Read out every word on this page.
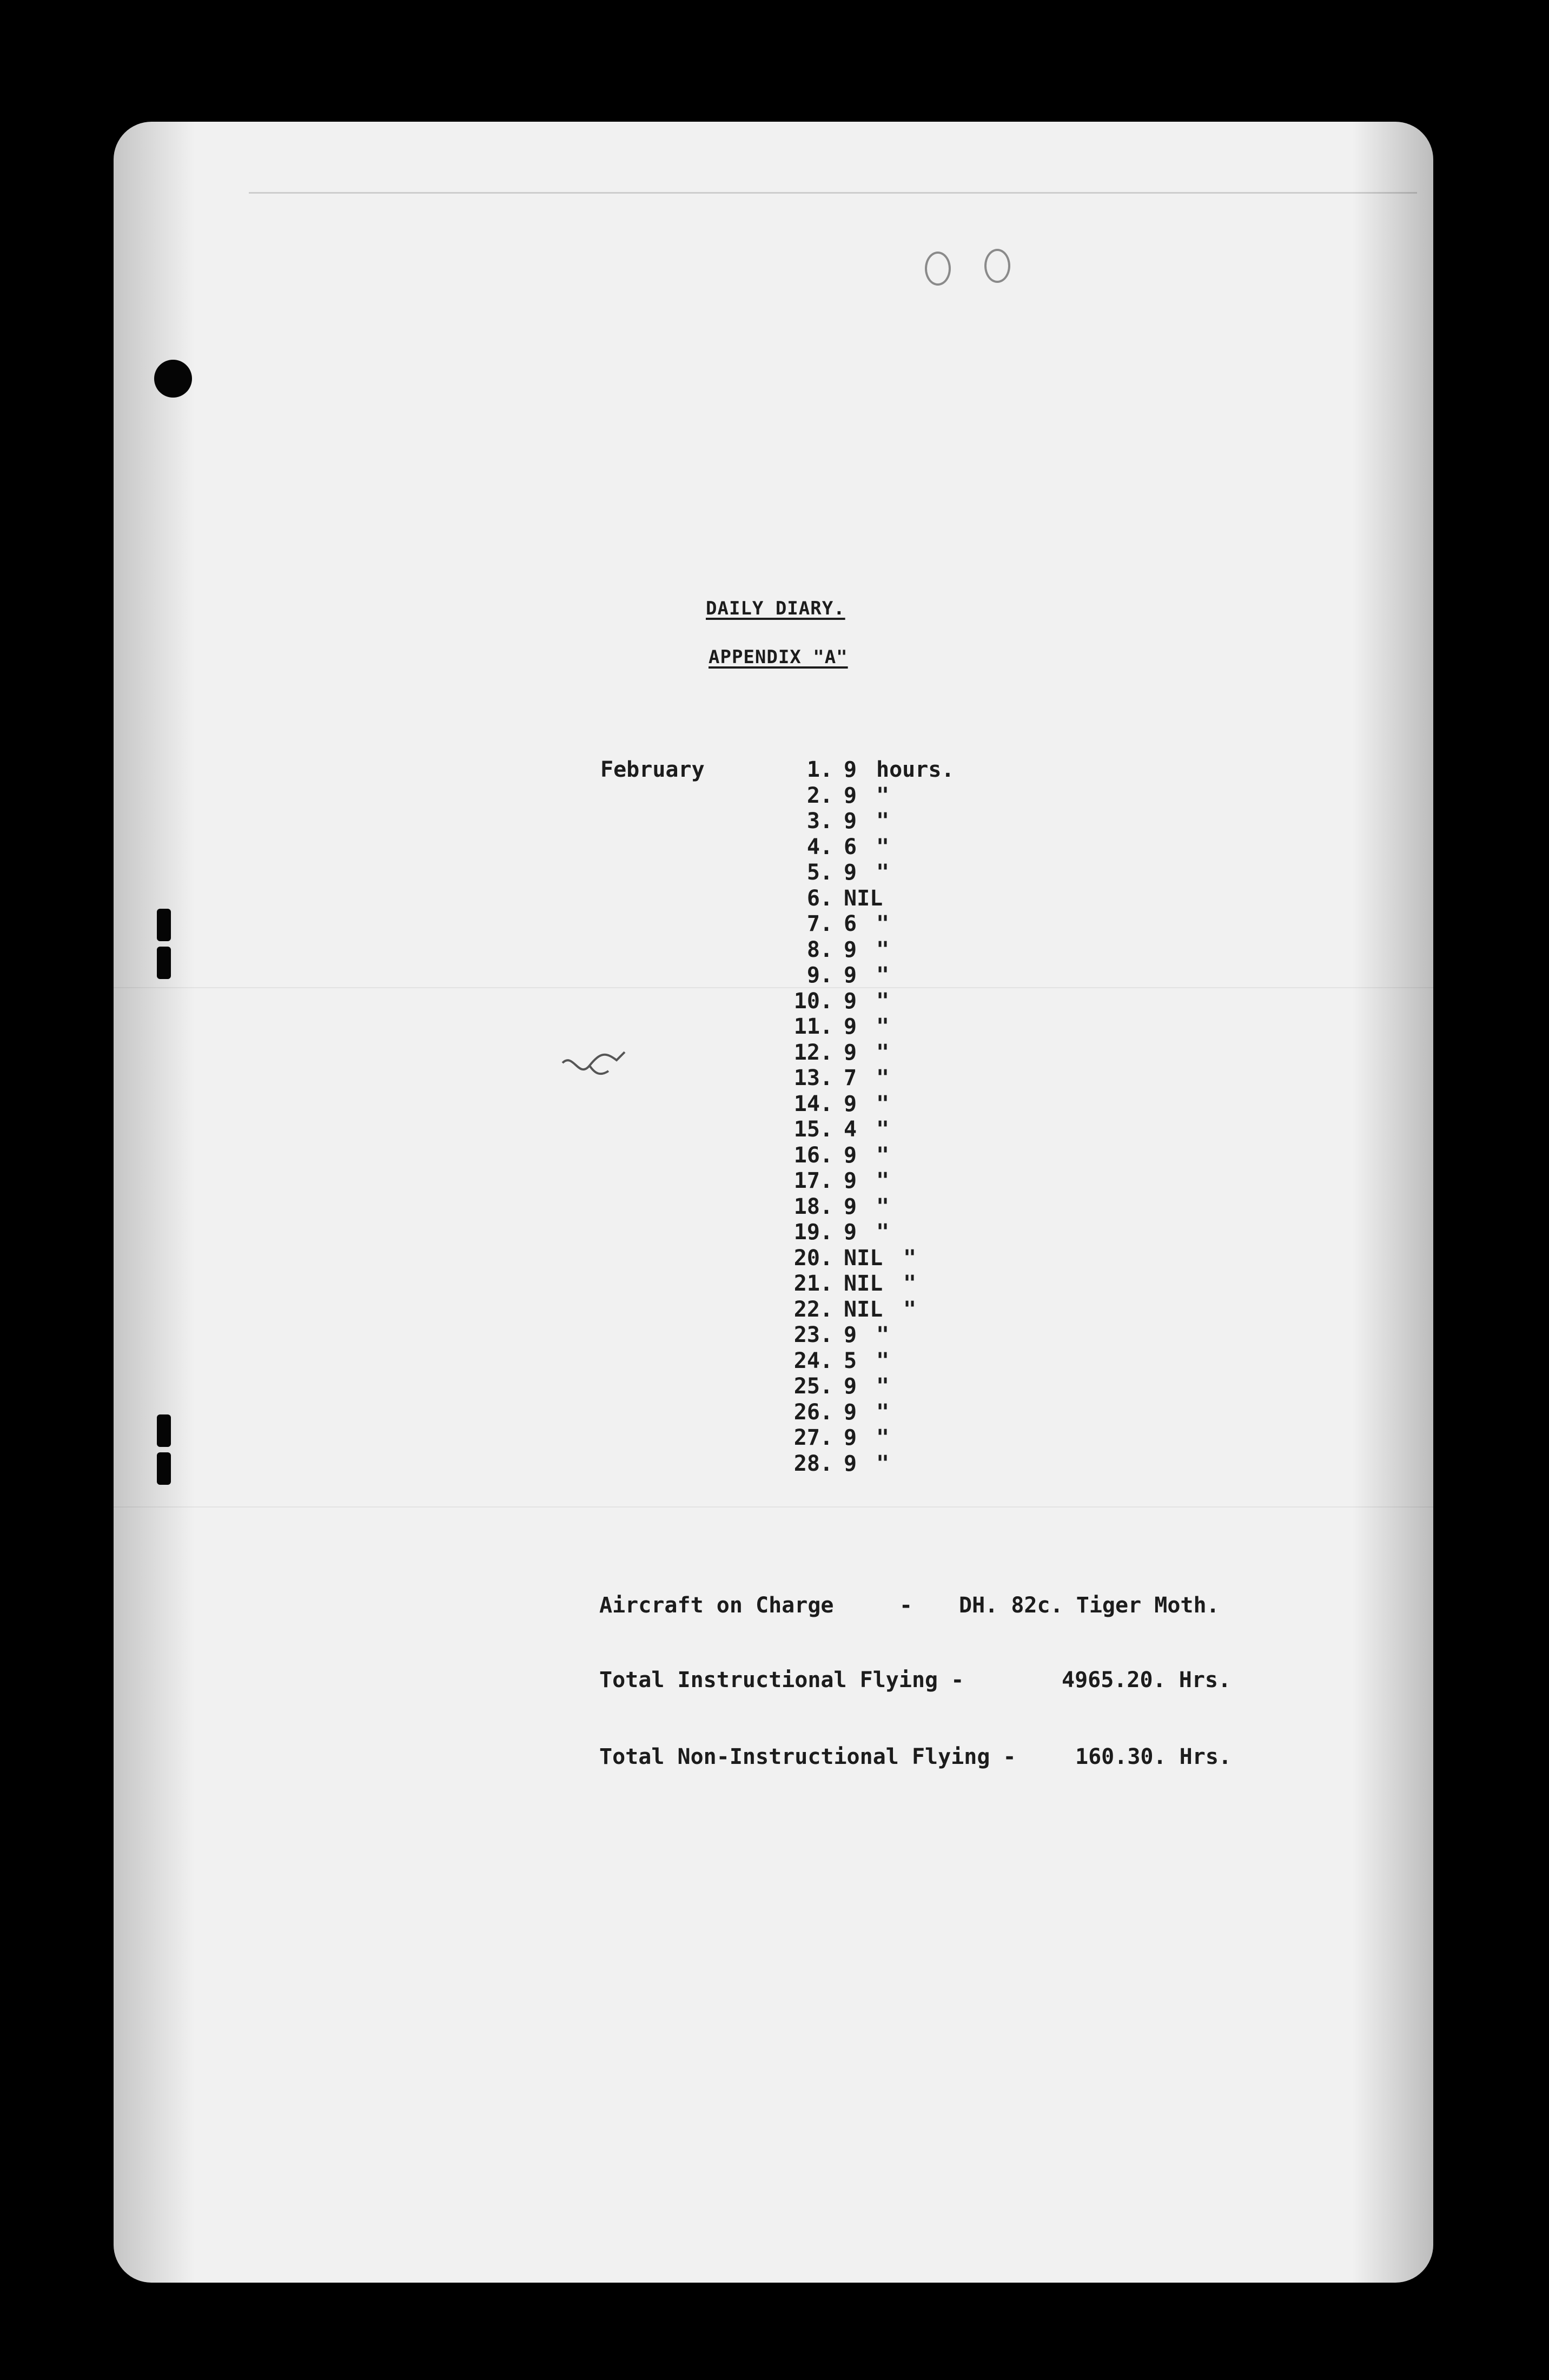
DAILY DIARY.
APPENDIX "A"
February	1. 9 hours.
2. 9 "
3. 9 "
4. 6 "
5. 9 "
6. NIL
7. 6 "
8. 9 "
9. 9 "
10. 9 "
11. 9 "
12. 9 "
13. 7 "
14. 9 "
15. 4 "
16. 9 "
17. 9 "
18. 9 "
19. 9 "
20. NIL "
21. NIL "
22. NIL "
23. 9 "
24. 5 "
25. 9 "
26. 9 "
27. 9 "
28. 9 "
Aircraft on Charge	- DH. 82c. Tiger Moth.
Total Instructional Flying -	4965.20. Hrs.
Total Non-Instructional Flying -	160.30. Hrs.
